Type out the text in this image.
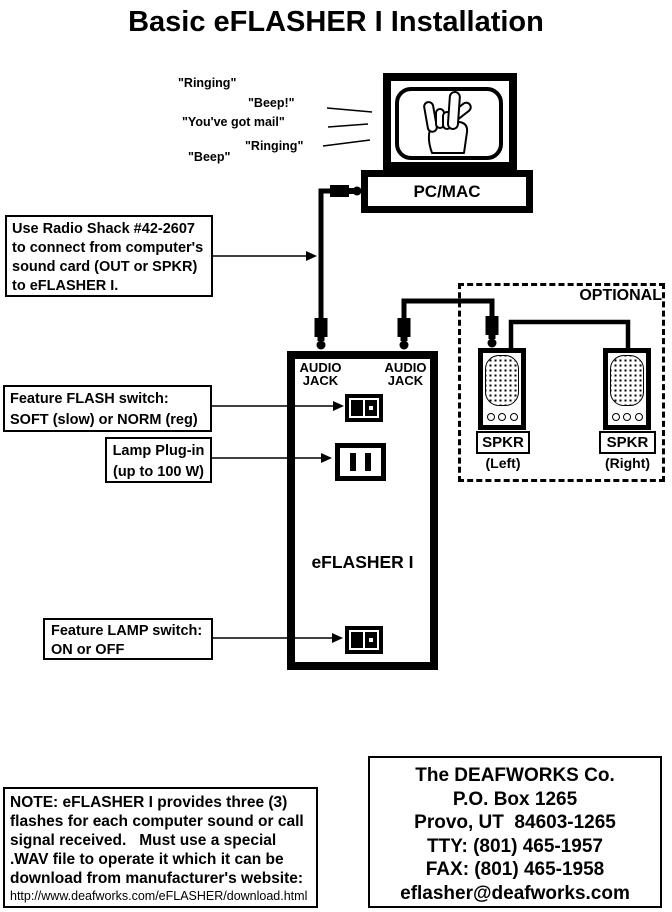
Basic eFLASHER I Installation
"Ringing"
"Beep!"
"You've got mail"
"Ringing"
"Beep"
OPTIONAL
PC/MAC
SPKR
(Left)
SPKR
(Right)
AUDIO
JACK
AUDIO
JACK
eFLASHER I
Use Radio Shack #42-2607
to connect from computer's
sound card (OUT or SPKR)
to eFLASHER I.
Feature FLASH switch:
SOFT (slow) or NORM (reg)
Lamp Plug-in
(up to 100 W)
Feature LAMP switch:
ON or OFF
NOTE: eFLASHER I provides three (3)
flashes for each computer sound or call
signal received.   Must use a special
.WAV file to operate it which it can be
download from manufacturer's website:
http://www.deafworks.com/eFLASHER/download.html
The DEAFWORKS Co.
P.O. Box 1265
Provo, UT  84603-1265
TTY: (801) 465-1957
FAX: (801) 465-1958
eflasher@deafworks.com
